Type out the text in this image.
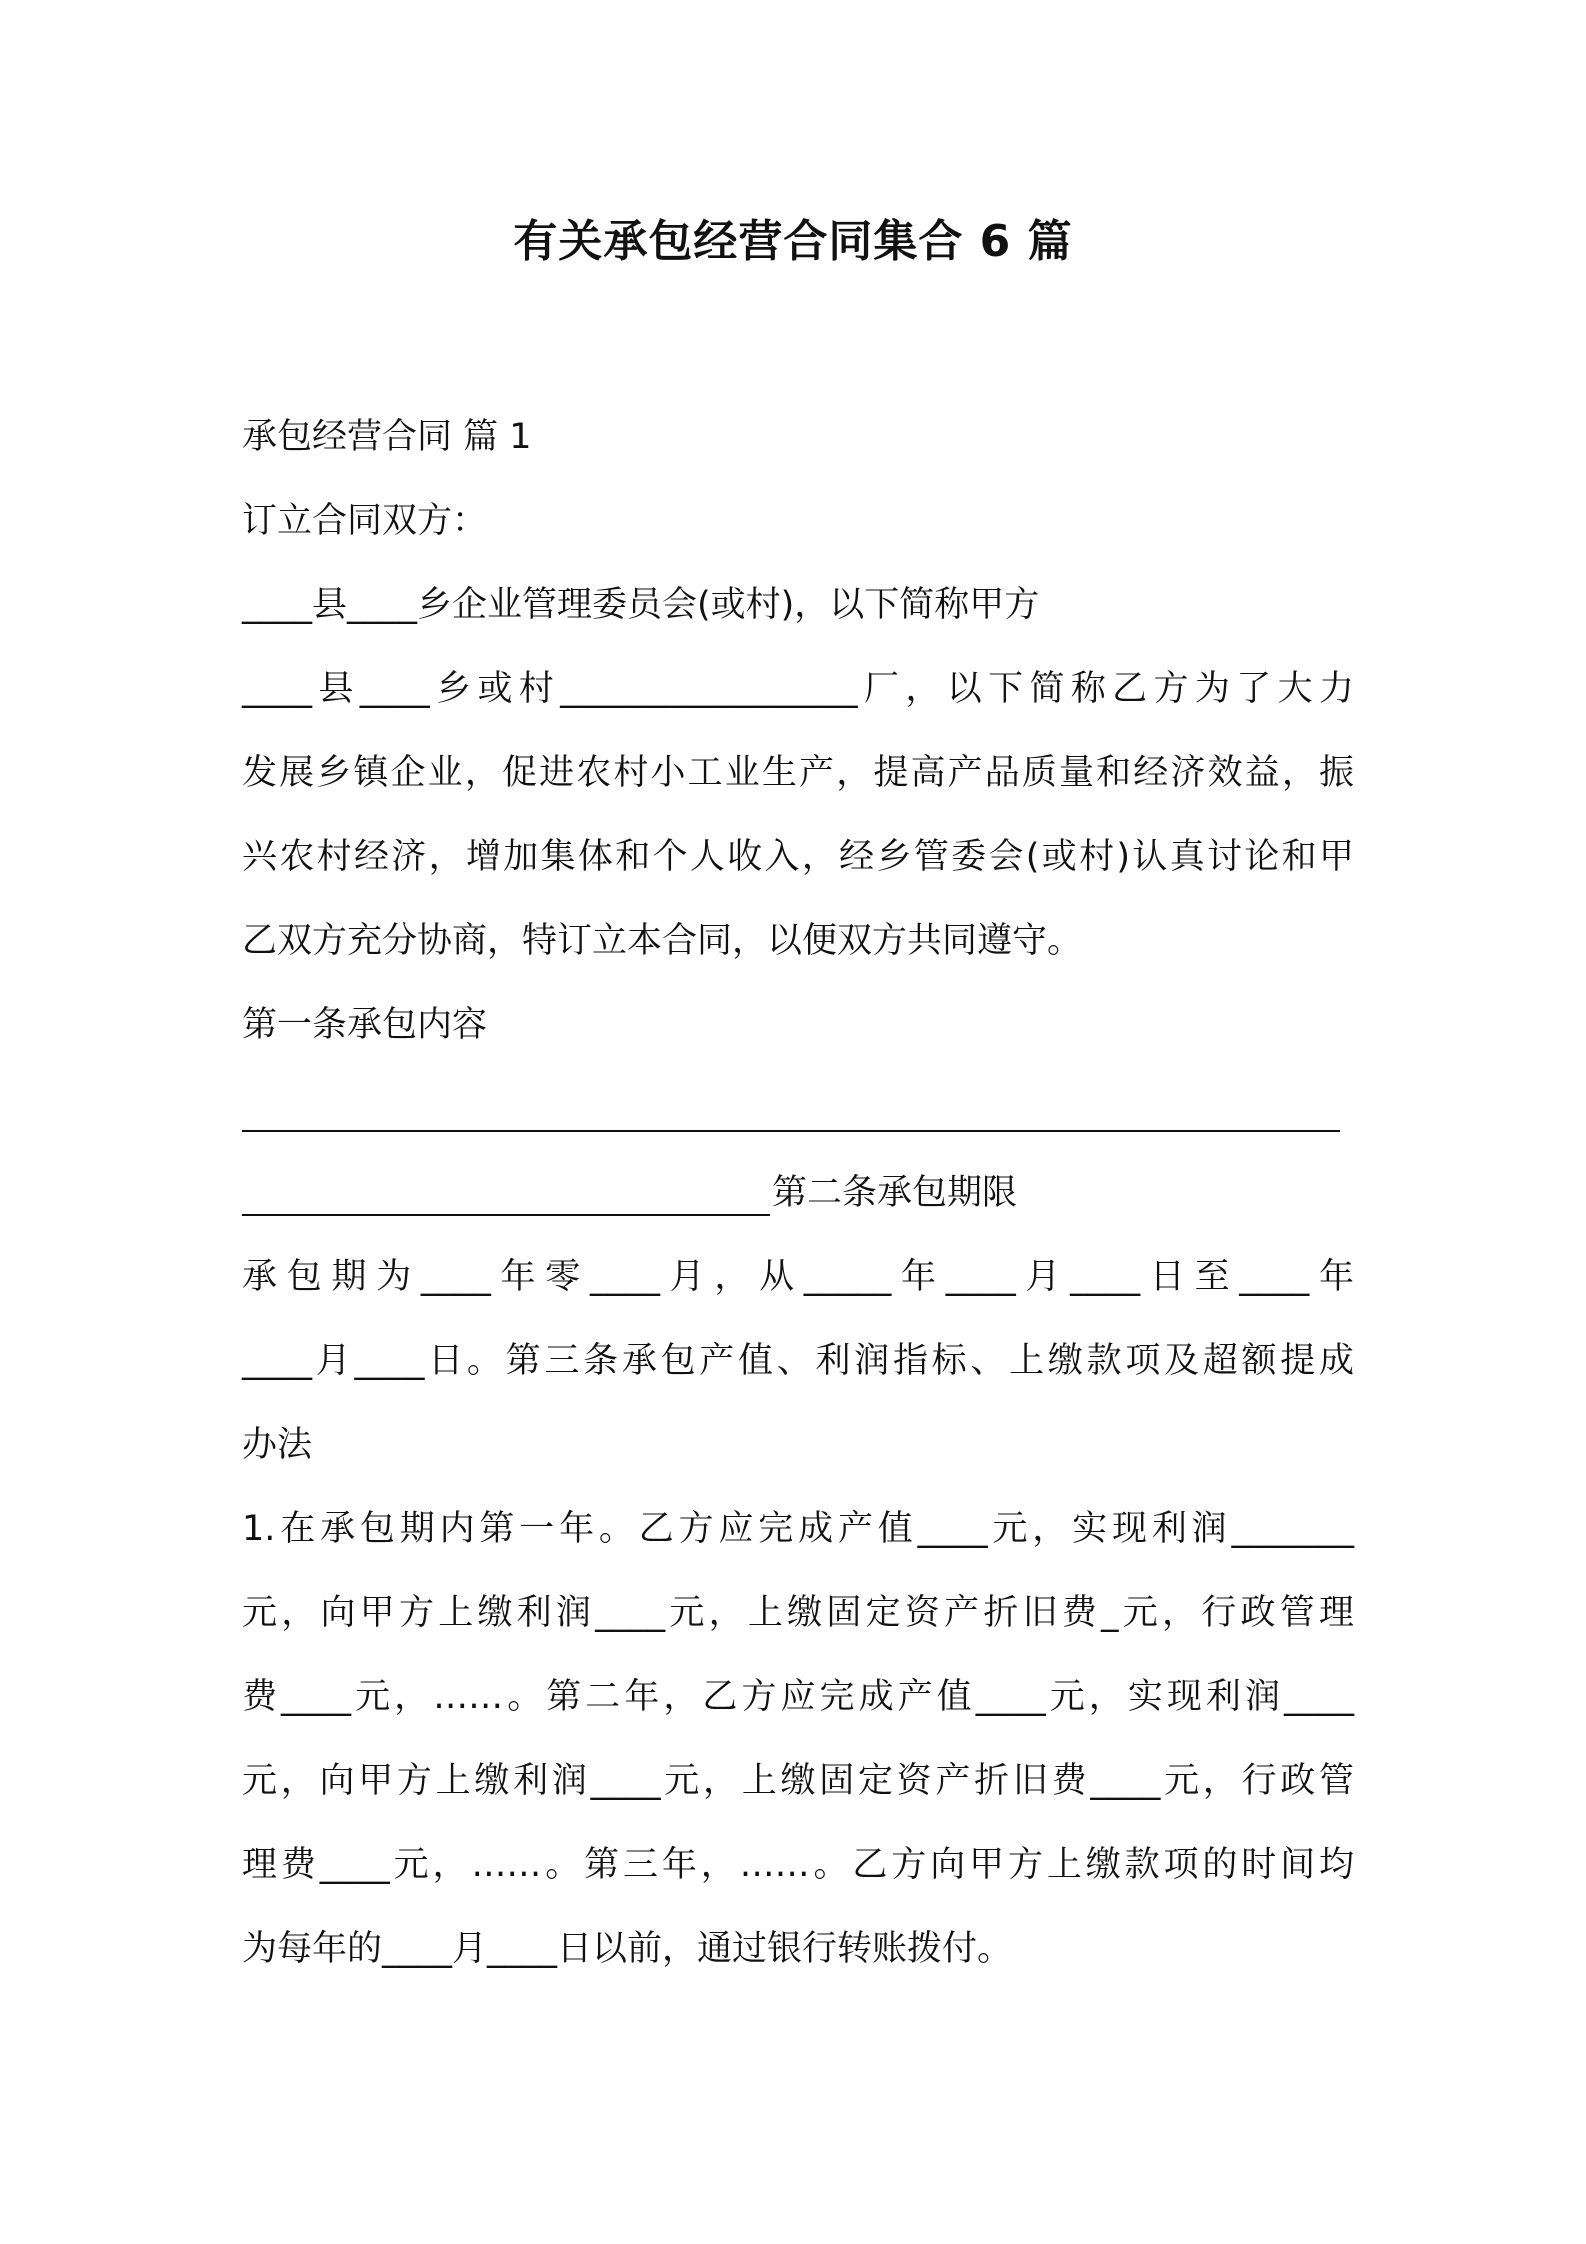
有关承包经营合同集合 6 篇
承包经营合同 篇 1
订立合同双方：
____县____乡企业管理委员会(或村)，以下简称甲方
____县____乡或村_________________厂，以下简称乙方为了大力
发展乡镇企业，促进农村小工业生产，提高产品质量和经济效益，振
兴农村经济，增加集体和个人收入，经乡管委会(或村)认真讨论和甲
乙双方充分协商，特订立本合同，以便双方共同遵守。
第一条承包内容
第二条承包期限
承包期为____年零____月，从_____年____月____日至____年
____月____日。第三条承包产值、利润指标、上缴款项及超额提成
办法
1.在承包期内第一年。乙方应完成产值____元，实现利润_______
元，向甲方上缴利润____元，上缴固定资产折旧费_元，行政管理
费____元，……。第二年，乙方应完成产值____元，实现利润____
元，向甲方上缴利润____元，上缴固定资产折旧费____元，行政管
理费____元，……。第三年，……。乙方向甲方上缴款项的时间均
为每年的____月____日以前，通过银行转账拨付。
